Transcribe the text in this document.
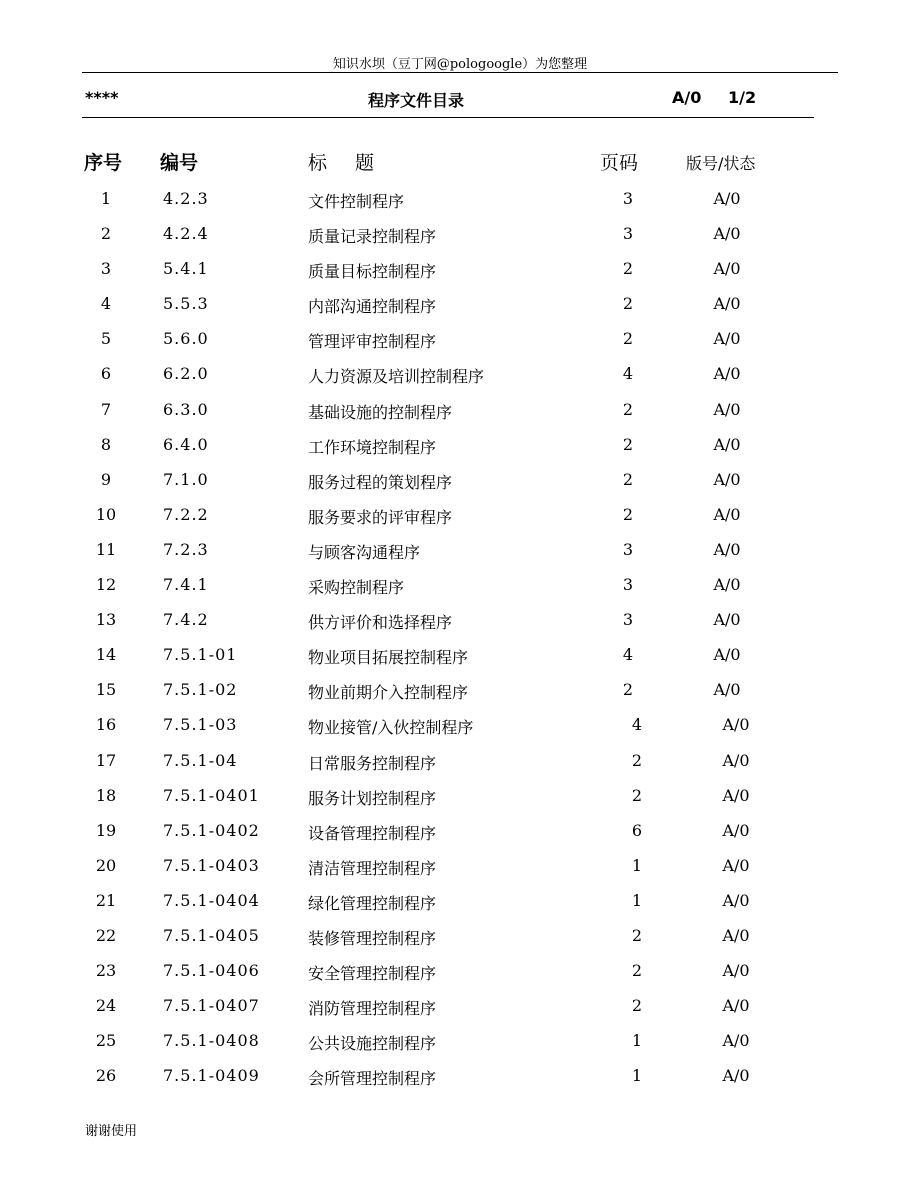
知识水坝（豆丁网@pologoogle）为您整理
****	程序文件目录	A/0 1/2
序号 编号	标题	页码	版号/状态
1	4.2.3	文件控制程序	3	A/0
2	4.2.4	质量记录控制程序	3	A/0
3	5.4.1	质量目标控制程序	2	A/0
4	5.5.3	内部沟通控制程序	2	A/0
5	5.6.0	管理评审控制程序	2	A/0
6	6.2.0	人力资源及培训控制程序	4	A/0
7	6.3.0	基础设施的控制程序	2	A/0
8	6.4.0	工作环境控制程序	2	A/0
9	7.1.0	服务过程的策划程序	2	A/0
10	7.2.2	服务要求的评审程序	2	A/0
11	7.2.3	与顾客沟通程序	3	A/0
12	7.4.1	采购控制程序	3	A/0
13	7.4.2	供方评价和选择程序	3	A/0
14	7.5.1-01	物业项目拓展控制程序	4	A/0
15	7.5.1-02	物业前期介入控制程序	2	A/0
16	7.5.1-03	物业接管/入伙控制程序	4	A/0
17	7.5.1-04	日常服务控制程序	2	A/0
18	7.5.1-0401	服务计划控制程序	2	A/0
19	7.5.1-0402	设备管理控制程序	6	A/0
20	7.5.1-0403	清洁管理控制程序	1	A/0
21	7.5.1-0404	绿化管理控制程序	1	A/0
22	7.5.1-0405	装修管理控制程序	2	A/0
23	7.5.1-0406	安全管理控制程序	2	A/0
24	7.5.1-0407	消防管理控制程序	2	A/0
25	7.5.1-0408	公共设施控制程序	1	A/0
26	7.5.1-0409	会所管理控制程序	1	A/0
谢谢使用
